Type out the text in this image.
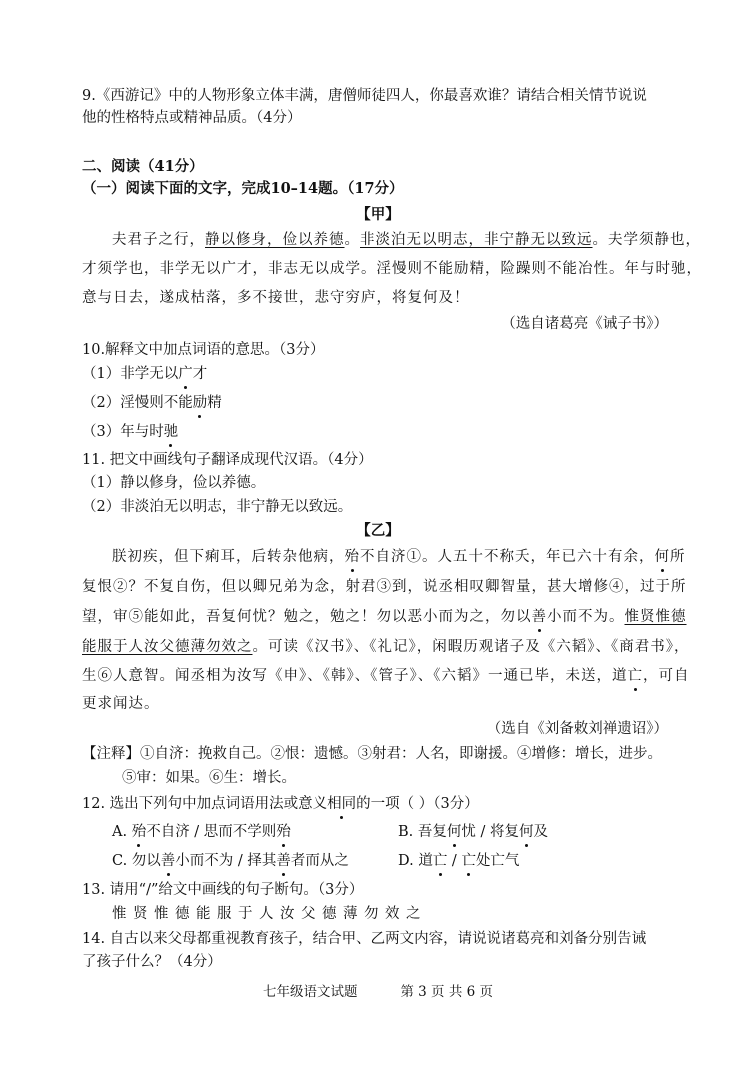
9.《西游记》中的人物形象立体丰满，唐僧师徒四人，你最喜欢谁？请结合相关情节说说
他的性格特点或精神品质。（4分）
二、阅读（41分）
（一）阅读下面的文字，完成10–14题。（17分）
【甲】
夫君子之行，静以修身，俭以养德。非淡泊无以明志，非宁静无以致远。夫学须静也，
才须学也，非学无以广才，非志无以成学。淫慢则不能励精，险躁则不能冶性。年与时驰，
意与日去，遂成枯落，多不接世，悲守穷庐，将复何及！
（选自诸葛亮《诫子书》）
10.解释文中加点词语的意思。（3分）
（1）非学无以广才
（2）淫慢则不能励精
（3）年与时驰
11. 把文中画线句子翻译成现代汉语。（4分）
（1）静以修身，俭以养德。
（2）非淡泊无以明志，非宁静无以致远。
【乙】
朕初疾，但下痢耳，后转杂他病，殆不自济①。人五十不称夭，年已六十有余，何所
复恨②？不复自伤，但以卿兄弟为念，射君③到，说丞相叹卿智量，甚大增修④，过于所
望，审⑤能如此，吾复何忧？勉之，勉之！勿以恶小而为之，勿以善小而不为。惟贤惟德
能服于人汝父德薄勿效之。可读《汉书》、《礼记》，闲暇历观诸子及《六韬》、《商君书》，
生⑥人意智。闻丞相为汝写《申》、《韩》、《管子》、《六韬》一通已毕，未送，道亡，可自
更求闻达。
（选自《刘备敕刘禅遗诏》）
【注释】①自济：挽救自己。②恨：遗憾。③射君：人名，即谢援。④增修：增长，进步。
⑤审：如果。⑥生：增长。
12. 选出下列句中加点词语用法或意义相同的一项（ ）（3分）
A. 殆不自济 / 思而不学则殆	B. 吾复何忧 / 将复何及
C. 勿以善小而不为 / 择其善者而从之	D. 道亡 / 亡处亡气
13. 请用“/”给文中画线的句子断句。（3分）
惟贤惟德能服于人汝父德薄勿效之
14. 自古以来父母都重视教育孩子，结合甲、乙两文内容，请说说诸葛亮和刘备分别告诫
了孩子什么？（4分）
七年级语文试题          第 3 页 共 6 页
